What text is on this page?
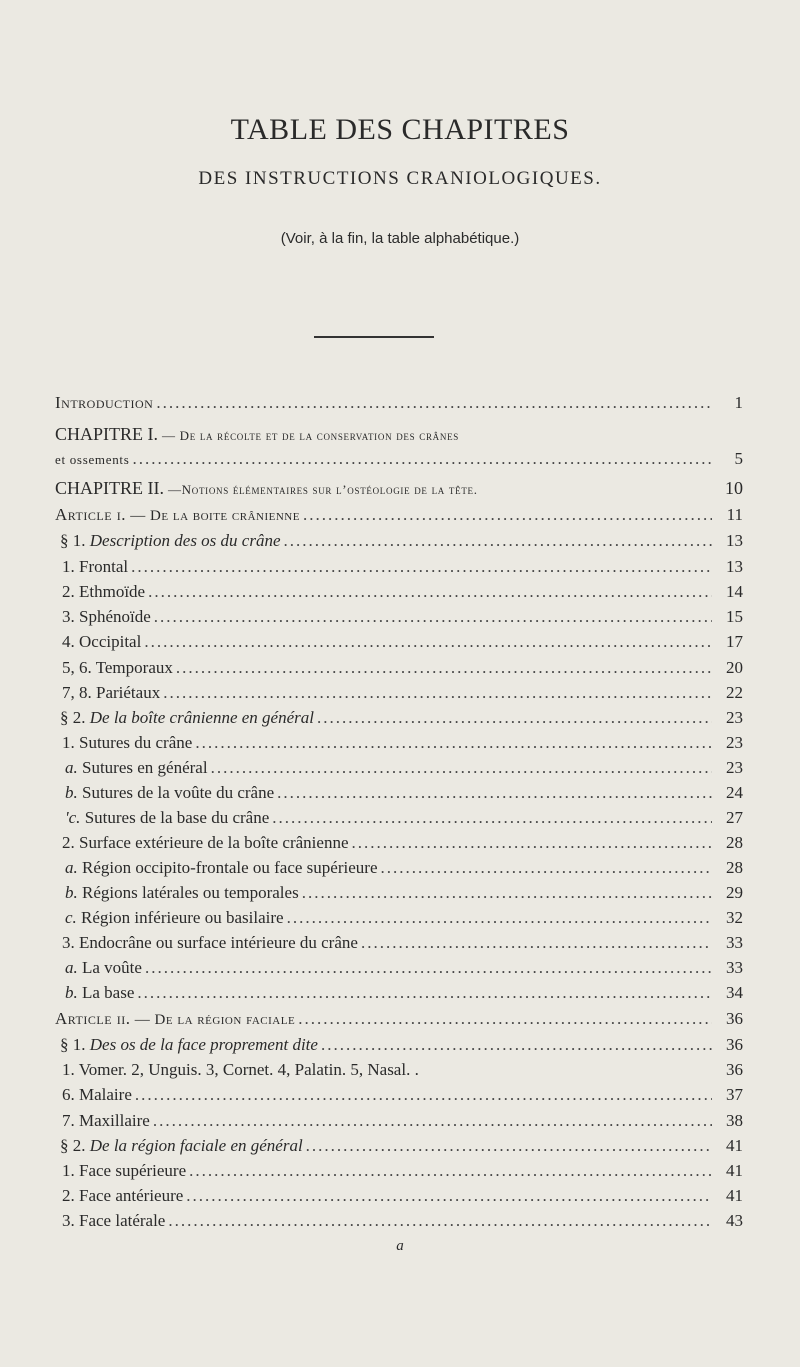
TABLE DES CHAPITRES
DES INSTRUCTIONS CRANIOLOGIQUES.
(Voir, à la fin, la table alphabétique.)
Introduction .....	1
CHAPITRE I. — De la récolte et de la conservation des crânes
et ossements .....	5
CHAPITRE II. —Notions élémentaires sur l’ostéologie de la tête.	10
Article i. — De la boite crânienne .....	11
§ 1. Description des os du crâne .....	13
1. Frontal .....	13
2. Ethmoïde .....	14
3. Sphénoïde .....	15
4. Occipital .....	17
5, 6. Temporaux .....	20
7, 8. Pariétaux .....	22
§ 2. De la boîte crânienne en général .....	23
1. Sutures du crâne .....	23
a. Sutures en général .....	23
b. Sutures de la voûte du crâne .....	24
'c. Sutures de la base du crâne .....	27
2. Surface extérieure de la boîte crânienne .....	28
a. Région occipito-frontale ou face supérieure .....	28
b. Régions latérales ou temporales .....	29
c. Région inférieure ou basilaire .....	32
3. Endocrâne ou surface intérieure du crâne .....	33
a. La voûte .....	33
b. La base .....	34
Article ii. — De la région faciale .....	36
§ 1. Des os de la face proprement dite .....	36
1. Vomer. 2, Unguis. 3, Cornet. 4, Palatin. 5, Nasal. .	36
6. Malaire .....	37
7. Maxillaire .....	38
§ 2. De la région faciale en général .....	41
1. Face supérieure .....	41
2. Face antérieure .....	41
3. Face latérale .....	43
a
